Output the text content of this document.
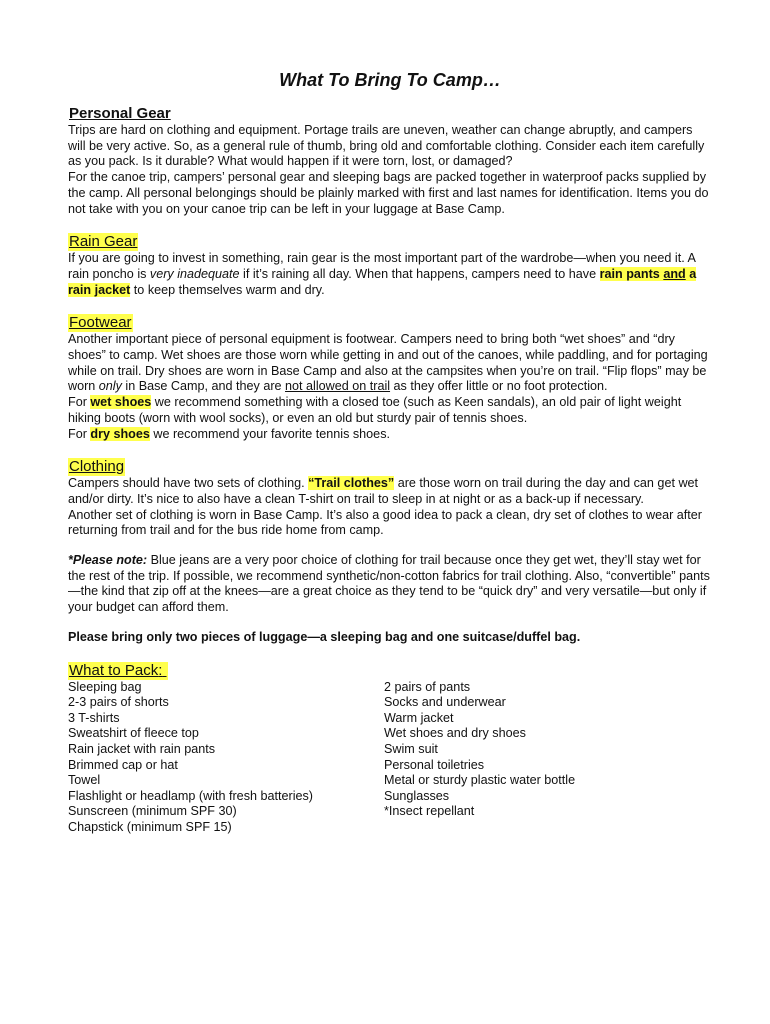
What To Bring To Camp…
Personal Gear

Trips are hard on clothing and equipment. Portage trails are uneven, weather can change abruptly, and campers will be very active. So, as a general rule of thumb, bring old and comfortable clothing. Consider each item carefully as you pack. Is it durable? What would happen if it were torn, lost, or damaged?

For the canoe trip, campers’ personal gear and sleeping bags are packed together in waterproof packs supplied by the camp. All personal belongings should be plainly marked with first and last names for identification. Items you do not take with you on your canoe trip can be left in your luggage at Base Camp.

Rain Gear

If you are going to invest in something, rain gear is the most important part of the wardrobe—when you need it. A rain poncho is very inadequate if it’s raining all day. When that happens, campers need to have rain pants and a rain jacket to keep themselves warm and dry.

Footwear

Another important piece of personal equipment is footwear. Campers need to bring both “wet shoes” and “dry shoes” to camp. Wet shoes are those worn while getting in and out of the canoes, while paddling, and for portaging while on trail. Dry shoes are worn in Base Camp and also at the campsites when you’re on trail. “Flip flops” may be worn only in Base Camp, and they are not allowed on trail as they offer little or no foot protection.

For wet shoes we recommend something with a closed toe (such as Keen sandals), an old pair of light weight hiking boots (worn with wool socks), or even an old but sturdy pair of tennis shoes.

For dry shoes we recommend your favorite tennis shoes.

Clothing

Campers should have two sets of clothing. “Trail clothes” are those worn on trail during the day and can get wet and/or dirty. It’s nice to also have a clean T-shirt on trail to sleep in at night or as a back-up if necessary.

Another set of clothing is worn in Base Camp. It’s also a good idea to pack a clean, dry set of clothes to wear after returning from trail and for the bus ride home from camp.

*Please note: Blue jeans are a very poor choice of clothing for trail because once they get wet, they’ll stay wet for the rest of the trip. If possible, we recommend synthetic/non-cotton fabrics for trail clothing. Also, “convertible” pants—the kind that zip off at the knees—are a great choice as they tend to be “quick dry” and very versatile—but only if your budget can afford them.

Please bring only two pieces of luggage—a sleeping bag and one suitcase/duffel bag.

What to Pack:
Sleeping bag
2-3 pairs of shorts
3 T-shirts
Sweatshirt of fleece top
Rain jacket with rain pants
Brimmed cap or hat
Towel
Flashlight or headlamp (with fresh batteries)
Sunscreen (minimum SPF 30)
Chapstick (minimum SPF 15)
2 pairs of pants
Socks and underwear
Warm jacket
Wet shoes and dry shoes
Swim suit
Personal toiletries
Metal or sturdy plastic water bottle
Sunglasses
*Insect repellant
